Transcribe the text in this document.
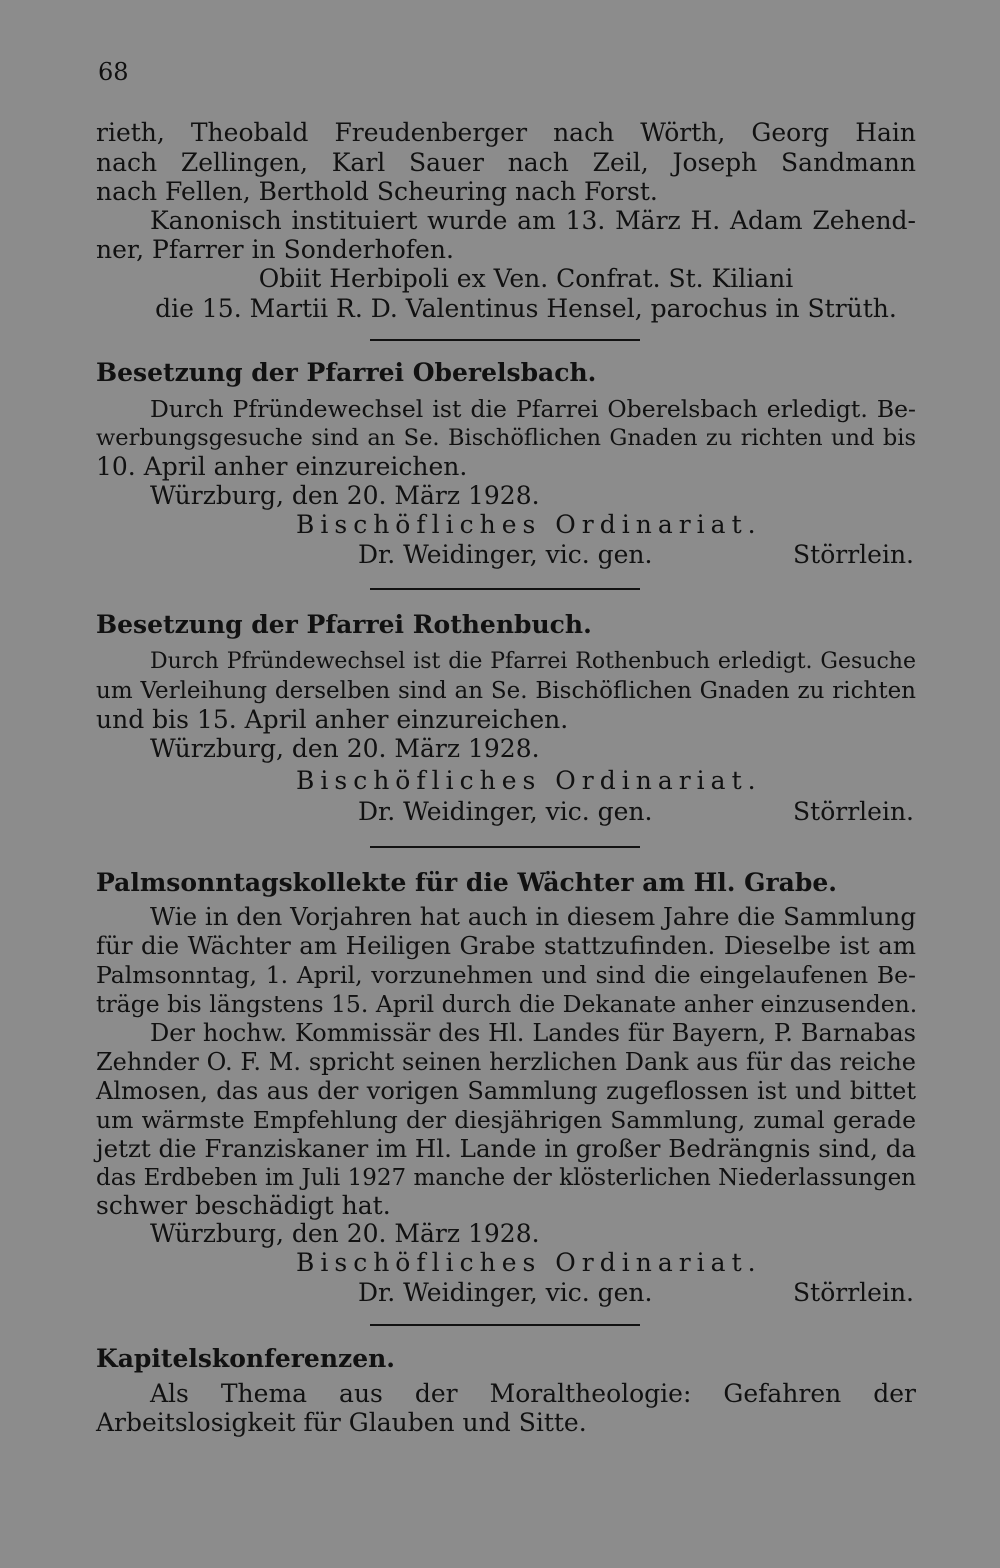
68
rieth, Theobald Freudenberger nach Wörth, Georg Hain
nach Zellingen, Karl Sauer nach Zeil, Joseph Sandmann
nach Fellen, Berthold Scheuring nach Forst.
Kanonisch instituiert wurde am 13. März H. Adam Zehend-
ner, Pfarrer in Sonderhofen.
Obiit Herbipoli ex Ven. Confrat. St. Kiliani
die 15. Martii R. D. Valentinus Hensel, parochus in Strüth.
Besetzung der Pfarrei Oberelsbach.
Durch Pfründewechsel ist die Pfarrei Oberelsbach erledigt. Be-
werbungsgesuche sind an Se. Bischöflichen Gnaden zu richten und bis
10. April anher einzureichen.
Würzburg, den 20. März 1928.
Bischöfliches Ordinariat.
Dr. Weidinger, vic. gen.	Störrlein.
Besetzung der Pfarrei Rothenbuch.
Durch Pfründewechsel ist die Pfarrei Rothenbuch erledigt. Gesuche
um Verleihung derselben sind an Se. Bischöflichen Gnaden zu richten
und bis 15. April anher einzureichen.
Würzburg, den 20. März 1928.
Bischöfliches Ordinariat.
Dr. Weidinger, vic. gen.	Störrlein.
Palmsonntagskollekte für die Wächter am Hl. Grabe.
Wie in den Vorjahren hat auch in diesem Jahre die Sammlung
für die Wächter am Heiligen Grabe stattzufinden. Dieselbe ist am
Palmsonntag, 1. April, vorzunehmen und sind die eingelaufenen Be-
träge bis längstens 15. April durch die Dekanate anher einzusenden.
Der hochw. Kommissär des Hl. Landes für Bayern, P. Barnabas
Zehnder O. F. M. spricht seinen herzlichen Dank aus für das reiche
Almosen, das aus der vorigen Sammlung zugeflossen ist und bittet
um wärmste Empfehlung der diesjährigen Sammlung, zumal gerade
jetzt die Franziskaner im Hl. Lande in großer Bedrängnis sind, da
das Erdbeben im Juli 1927 manche der klösterlichen Niederlassungen
schwer beschädigt hat.
Würzburg, den 20. März 1928.
Bischöfliches Ordinariat.
Dr. Weidinger, vic. gen.	Störrlein.
Kapitelskonferenzen.
Als Thema aus der Moraltheologie: Gefahren der
Arbeitslosigkeit für Glauben und Sitte.
